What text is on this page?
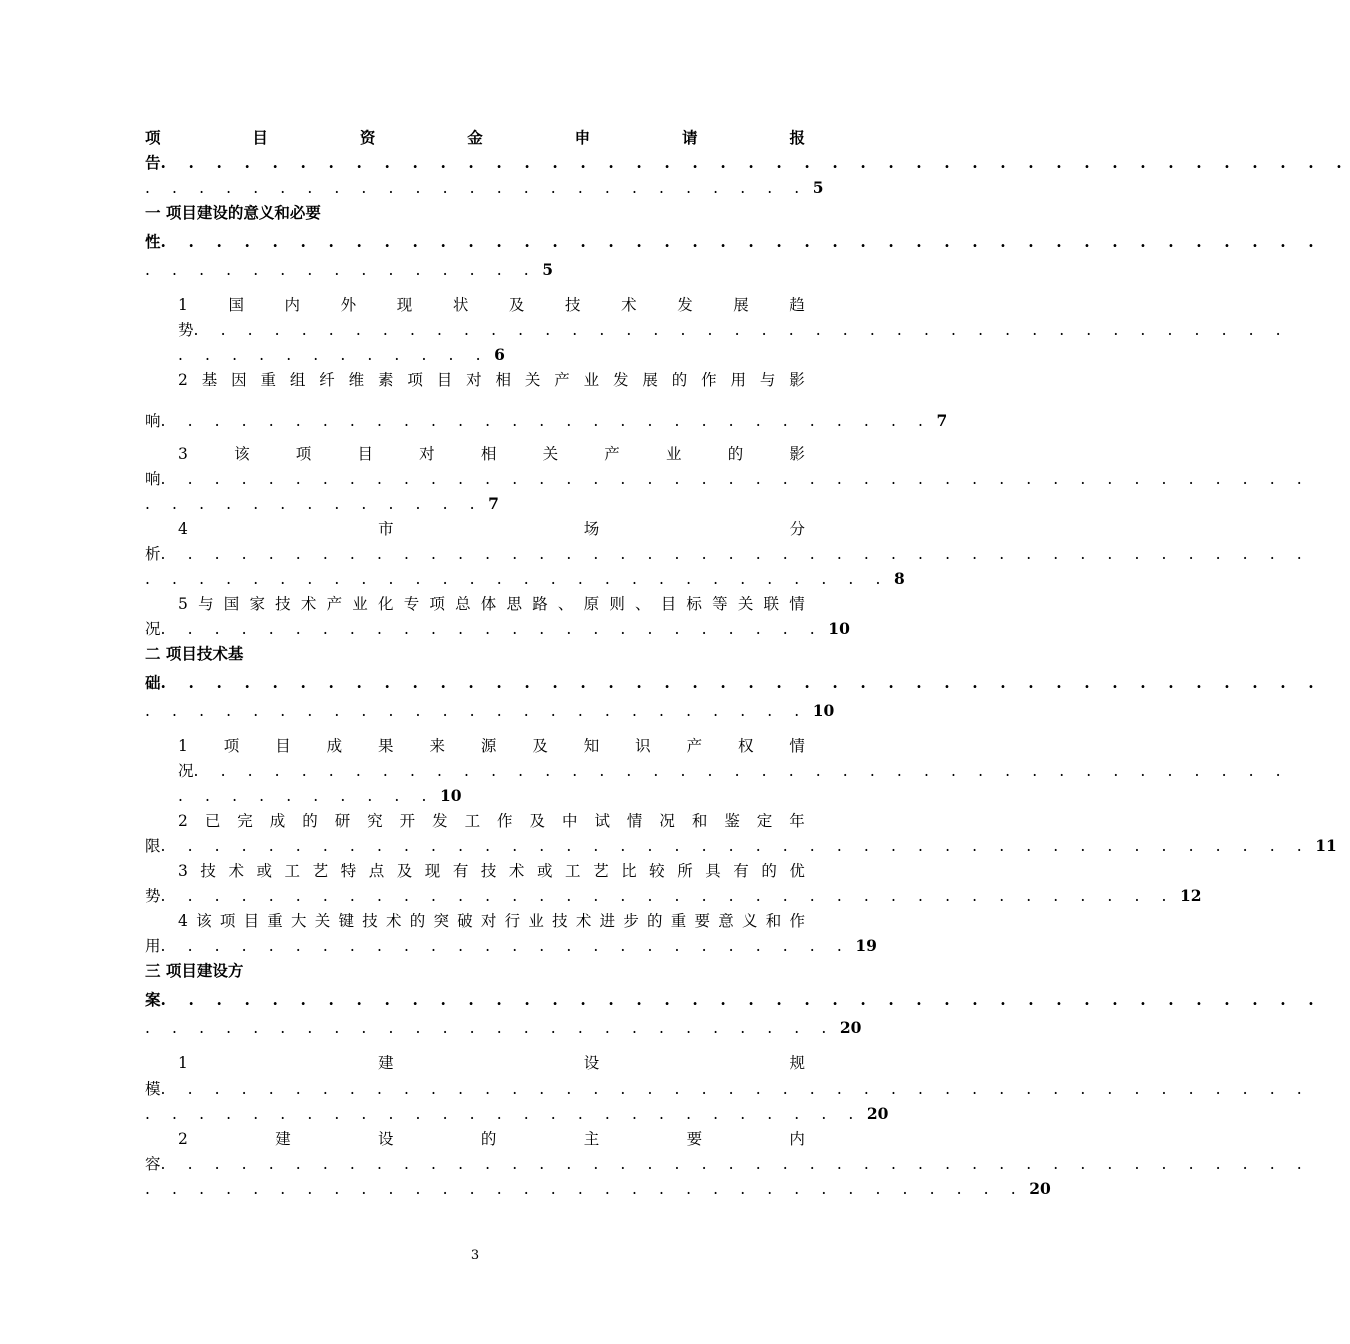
项	目	资	金	申	请	报
告. . . . . . . . . . . . . . . . . . . . . . . . . . . . . . . . . . . . . . . . . . .
. . . . . . . . . . . . . . . . . . . . . . . . . 5
一 项目建设的意义和必要
性. . . . . . . . . . . . . . . . . . . . . . . . . . . . . . . . . . . . . . . . . .
. . . . . . . . . . . . . . . 5
1	国	内	外	现	状	及	技	术	发	展	趋
势. . . . . . . . . . . . . . . . . . . . . . . . . . . . . . . . . . . . . . . . .
. . . . . . . . . . . . 6
2 基 因 重 组 纤 维 素 项 目 对 相 关 产 业 发 展 的 作 用 与 影
响. . . . . . . . . . . . . . . . . . . . . . . . . . . . . 7
3	该	项	目	对	相	关	产	业	的	影
响. . . . . . . . . . . . . . . . . . . . . . . . . . . . . . . . . . . . . . . . . . .
. . . . . . . . . . . . . 7
4	市	场	分
析. . . . . . . . . . . . . . . . . . . . . . . . . . . . . . . . . . . . . . . . . . .
. . . . . . . . . . . . . . . . . . . . . . . . . . . . 8
5 与 国 家 技 术 产 业 化 专 项 总 体 思 路 、 原 则 、 目 标 等 关 联 情
况. . . . . . . . . . . . . . . . . . . . . . . . . 10
二 项目技术基
础. . . . . . . . . . . . . . . . . . . . . . . . . . . . . . . . . . . . . . . . . .
. . . . . . . . . . . . . . . . . . . . . . . . . 10
1 项 目 成 果 来 源 及 知 识 产 权 情
况. . . . . . . . . . . . . . . . . . . . . . . . . . . . . . . . . . . . . . . . .
. . . . . . . . . . 10
2 已 完 成 的 研 究 开 发 工 作 及 中 试 情 况 和 鉴 定 年
限. . . . . . . . . . . . . . . . . . . . . . . . . . . . . . . . . . . . . . . . . . . 11
3 技 术 或 工 艺 特 点 及 现 有 技 术 或 工 艺 比 较 所 具 有 的 优
势. . . . . . . . . . . . . . . . . . . . . . . . . . . . . . . . . . . . . . 12
4 该 项 目 重 大 关 键 技 术 的 突 破 对 行 业 技 术 进 步 的 重 要 意 义 和 作
用. . . . . . . . . . . . . . . . . . . . . . . . . . 19
三 项目建设方
案. . . . . . . . . . . . . . . . . . . . . . . . . . . . . . . . . . . . . . . . . .
. . . . . . . . . . . . . . . . . . . . . . . . . . 20
1	建	设	规
模. . . . . . . . . . . . . . . . . . . . . . . . . . . . . . . . . . . . . . . . . . .
. . . . . . . . . . . . . . . . . . . . . . . . . . . 20
2	建	设	的	主	要	内
容. . . . . . . . . . . . . . . . . . . . . . . . . . . . . . . . . . . . . . . . . . .
. . . . . . . . . . . . . . . . . . . . . . . . . . . . . . . . . 20
3
